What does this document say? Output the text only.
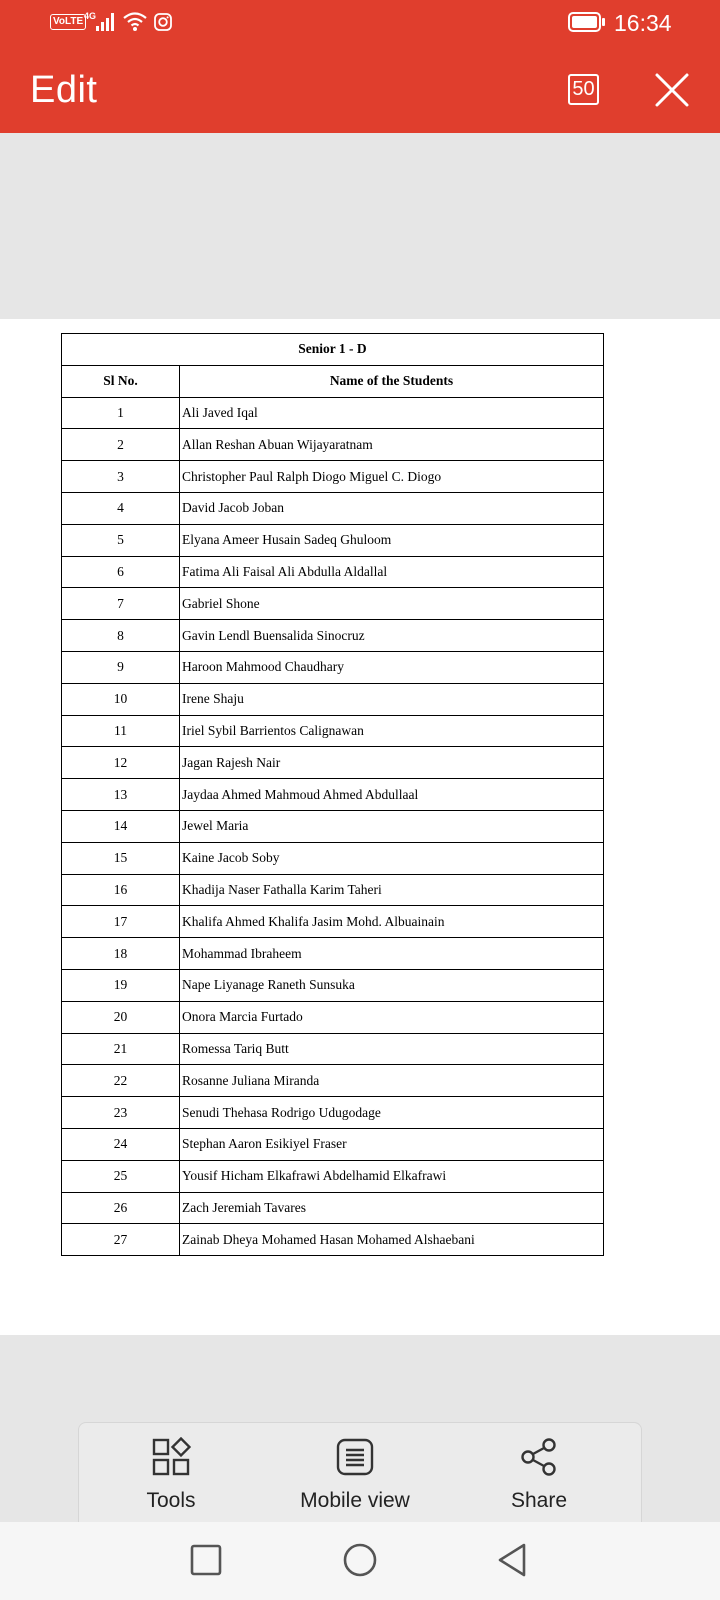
VoLTE 4G	16:34
Edit	50
Senior 1 - D	
Sl No.	Name of the Students
1	Ali Javed Iqal
2	Allan Reshan Abuan Wijayaratnam
3	Christopher Paul Ralph Diogo Miguel C. Diogo
4	David Jacob Joban
5	Elyana Ameer Husain Sadeq Ghuloom
6	Fatima Ali Faisal Ali Abdulla Aldallal
7	Gabriel Shone
8	Gavin Lendl Buensalida Sinocruz
9	Haroon Mahmood Chaudhary
10	Irene Shaju
11	Iriel Sybil Barrientos Calignawan
12	Jagan Rajesh Nair
13	Jaydaa Ahmed Mahmoud Ahmed Abdullaal
14	Jewel Maria
15	Kaine Jacob Soby
16	Khadija Naser Fathalla Karim Taheri
17	Khalifa Ahmed Khalifa Jasim Mohd. Albuainain
18	Mohammad Ibraheem
19	Nape Liyanage Raneth Sunsuka
20	Onora Marcia Furtado
21	Romessa Tariq Butt
22	Rosanne Juliana Miranda
23	Senudi Thehasa Rodrigo Udugodage
24	Stephan Aaron Esikiyel Fraser
25	Yousif Hicham Elkafrawi Abdelhamid Elkafrawi
26	Zach Jeremiah Tavares
27	Zainab Dheya Mohamed Hasan Mohamed Alshaebani
Tools	Mobile view	Share
